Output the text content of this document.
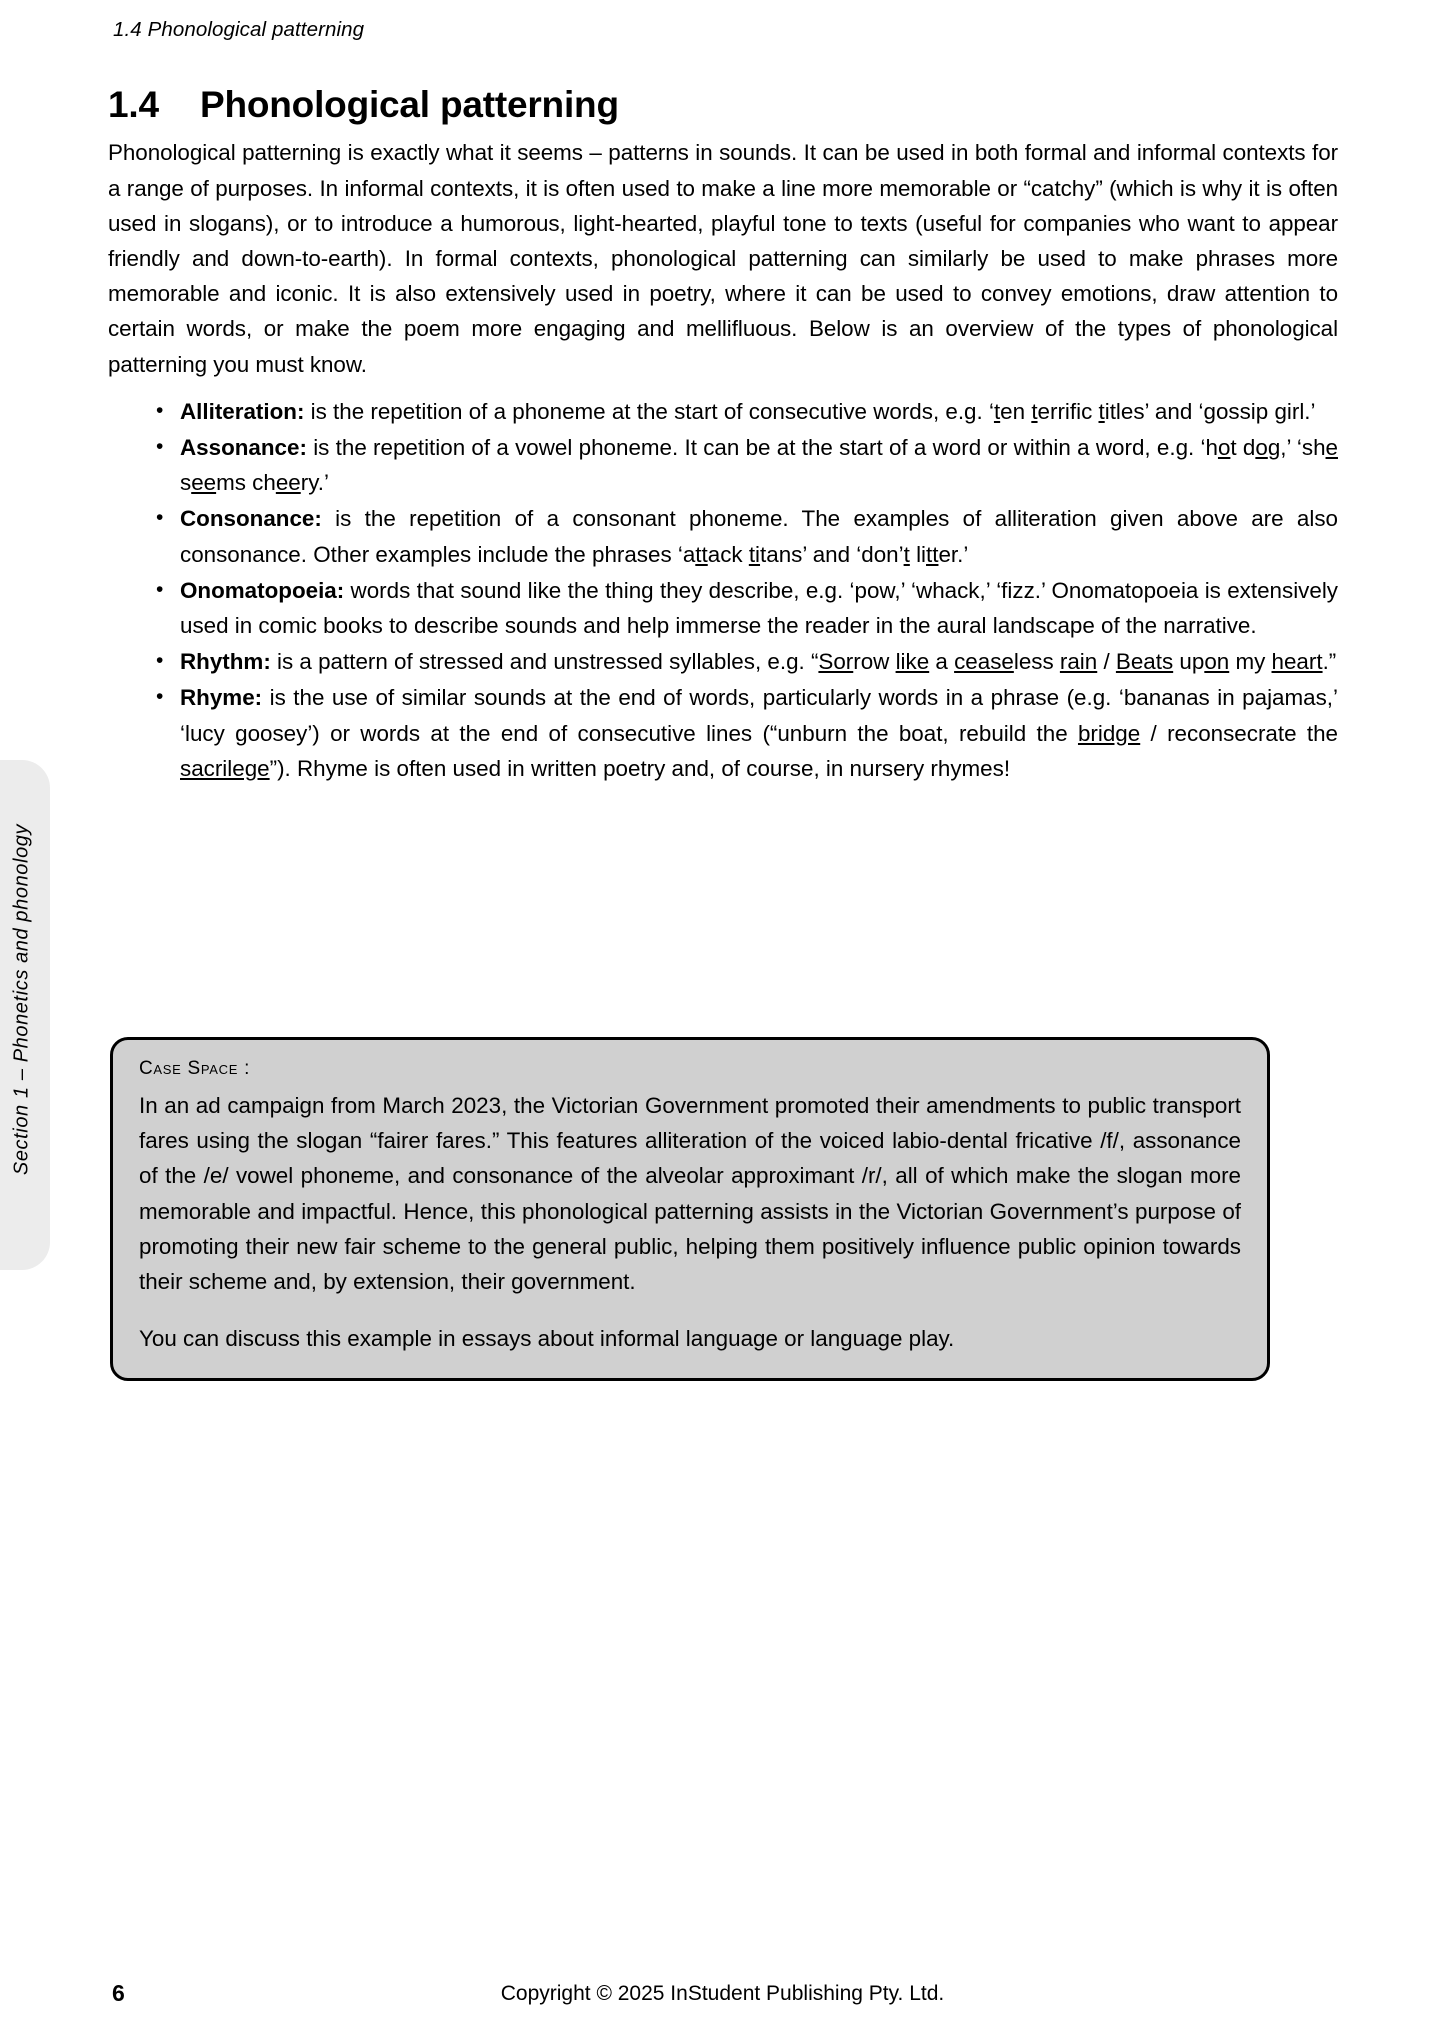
1.4 Phonological patterning
Section 1 – Phonetics and phonology
1.4 Phonological patterning

Phonological patterning is exactly what it seems – patterns in sounds. It can be used in both formal and informal contexts for a range of purposes. In informal contexts, it is often used to make a line more memorable or “catchy” (which is why it is often used in slogans), or to introduce a humorous, light-hearted, playful tone to texts (useful for companies who want to appear friendly and down-to-earth). In formal contexts, phonological patterning can similarly be used to make phrases more memorable and iconic. It is also extensively used in poetry, where it can be used to convey emotions, draw attention to certain words, or make the poem more engaging and mellifluous. Below is an overview of the types of phonological patterning you must know.

• Alliteration: is the repetition of a phoneme at the start of consecutive words, e.g. ‘ten terrific titles’ and ‘gossip girl.’
• Assonance: is the repetition of a vowel phoneme. It can be at the start of a word or within a word, e.g. ‘hot dog,’ ‘she seems cheery.’
• Consonance: is the repetition of a consonant phoneme. The examples of alliteration given above are also consonance. Other examples include the phrases ‘attack titans’ and ‘don’t litter.’
• Onomatopoeia: words that sound like the thing they describe, e.g. ‘pow,’ ‘whack,’ ‘fizz.’ Onomatopoeia is extensively used in comic books to describe sounds and help immerse the reader in the aural landscape of the narrative.
• Rhythm: is a pattern of stressed and unstressed syllables, e.g. “Sorrow like a ceaseless rain / Beats upon my heart.”
• Rhyme: is the use of similar sounds at the end of words, particularly words in a phrase (e.g. ‘bananas in pajamas,’ ‘lucy goosey’) or words at the end of consecutive lines (“unburn the boat, rebuild the bridge / reconsecrate the sacrilege”). Rhyme is often used in written poetry and, of course, in nursery rhymes!
Case Space :

In an ad campaign from March 2023, the Victorian Government promoted their amendments to public transport fares using the slogan “fairer fares.” This features alliteration of the voiced labio-dental fricative /f/, assonance of the /e/ vowel phoneme, and consonance of the alveolar approximant /r/, all of which make the slogan more memorable and impactful. Hence, this phonological patterning assists in the Victorian Government’s purpose of promoting their new fair scheme to the general public, helping them positively influence public opinion towards their scheme and, by extension, their government.

You can discuss this example in essays about informal language or language play.

6	Copyright © 2025 InStudent Publishing Pty. Ltd.
